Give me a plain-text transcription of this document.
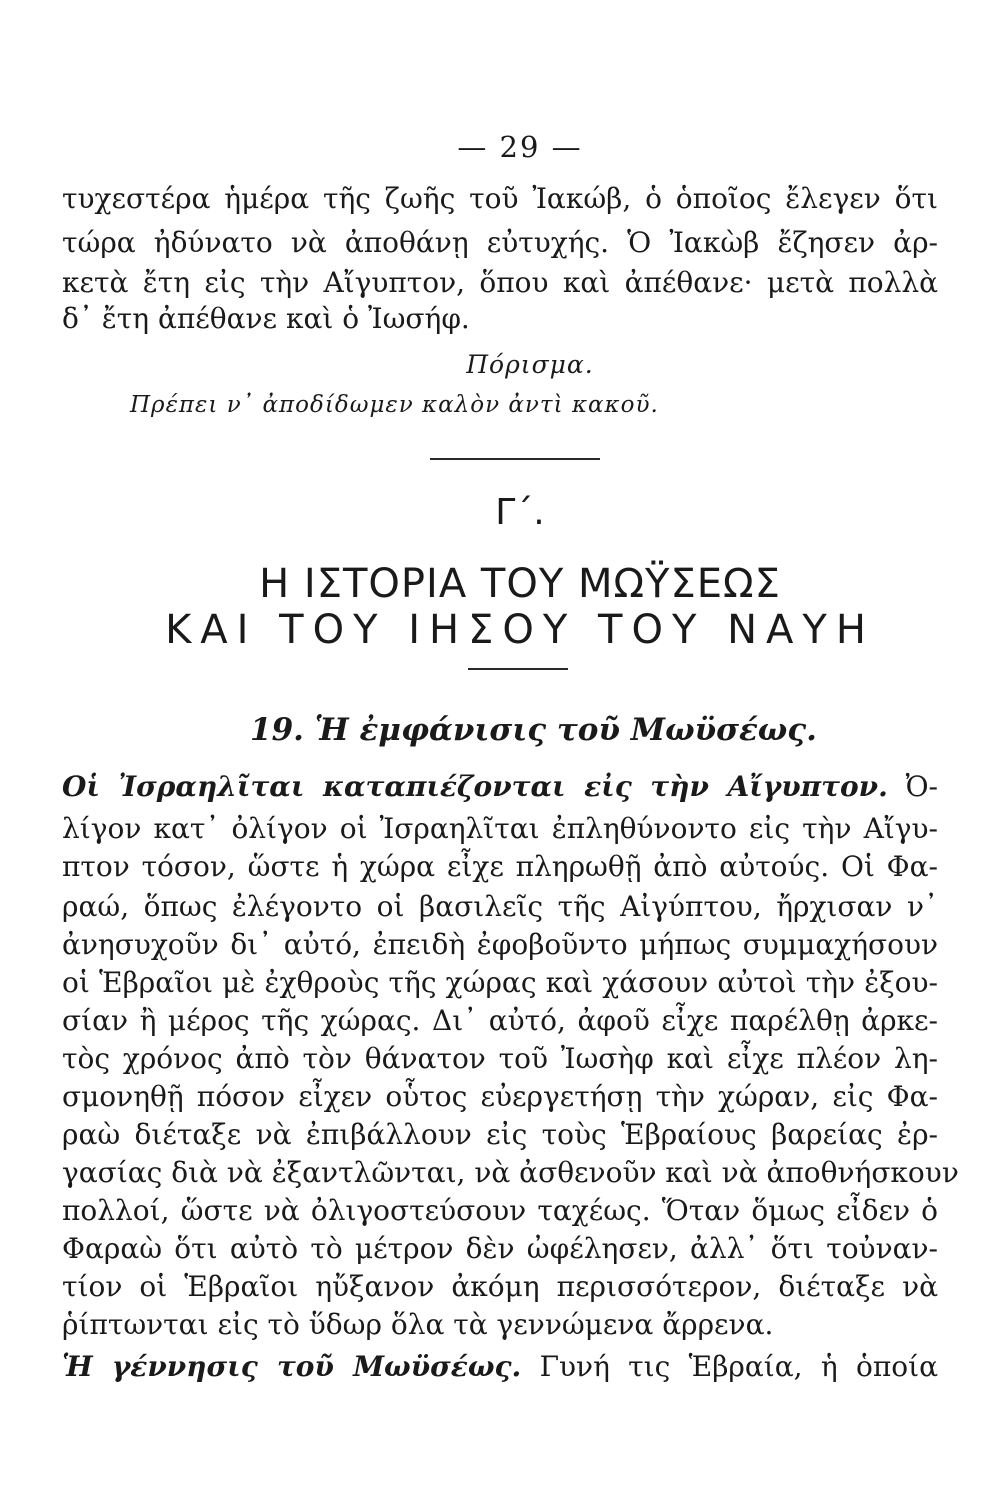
— 29 —
τυχεστέρα ἡμέρα τῆς ζωῆς τοῦ Ἰακώβ, ὁ ὁποῖος ἔλεγεν ὅτι
τώρα ἠδύνατο νὰ ἀποθάνῃ εὐτυχής. Ὁ Ἰακὼβ ἔζησεν ἀρ-
κετὰ ἔτη εἰς τὴν Αἴγυπτον, ὅπου καὶ ἀπέθανε· μετὰ πολλὰ
δ᾽ ἔτη ἀπέθανε καὶ ὁ Ἰωσήφ.
Πόρισμα.
Πρέπει ν᾽ ἀποδίδωμεν καλὸν ἀντὶ κακοῦ.
Γ΄.
Η ΙΣΤΟΡΙΑ ΤΟΥ ΜΩΫΣΕΩΣ
ΚΑΙ ΤΟΥ ΙΗΣΟΥ ΤΟΥ ΝΑΥΗ
19. Ἡ ἐμφάνισις τοῦ Μωϋσέως.
Οἱ Ἰσραηλῖται καταπιέζονται εἰς τὴν Αἴγυπτον. Ὀ-
λίγον κατ᾽ ὀλίγον οἱ Ἰσραηλῖται ἐπληθύνοντο εἰς τὴν Αἴγυ-
πτον τόσον, ὥστε ἡ χώρα εἶχε πληρωθῇ ἀπὸ αὐτούς. Οἱ Φα-
ραώ, ὅπως ἐλέγοντο οἱ βασιλεῖς τῆς Αἰγύπτου, ἤρχισαν ν᾽
ἀνησυχοῦν δι᾽ αὐτό, ἐπειδὴ ἐφοβοῦντο μήπως συμμαχήσουν
οἱ Ἑβραῖοι μὲ ἐχθροὺς τῆς χώρας καὶ χάσουν αὐτοὶ τὴν ἐξου-
σίαν ἢ μέρος τῆς χώρας. Δι᾽ αὐτό, ἀφοῦ εἶχε παρέλθῃ ἀρκε-
τὸς χρόνος ἀπὸ τὸν θάνατον τοῦ Ἰωσὴφ καὶ εἶχε πλέον λη-
σμονηθῇ πόσον εἶχεν οὗτος εὐεργετήσῃ τὴν χώραν, εἰς Φα-
ραὼ διέταξε νὰ ἐπιβάλλουν εἰς τοὺς Ἑβραίους βαρείας ἐρ-
γασίας διὰ νὰ ἐξαντλῶνται, νὰ ἀσθενοῦν καὶ νὰ ἀποθνήσκουν
πολλοί, ὥστε νὰ ὀλιγοστεύσουν ταχέως. Ὅταν ὅμως εἶδεν ὁ
Φαραὼ ὅτι αὐτὸ τὸ μέτρον δὲν ὠφέλησεν, ἀλλ᾽ ὅτι τοὐναν-
τίον οἱ Ἑβραῖοι ηὔξανον ἀκόμη περισσότερον, διέταξε νὰ
ῥίπτωνται εἰς τὸ ὕδωρ ὅλα τὰ γεννώμενα ἄρρενα.
Ἡ γέννησις τοῦ Μωϋσέως. Γυνή τις Ἑβραία, ἡ ὁποία
